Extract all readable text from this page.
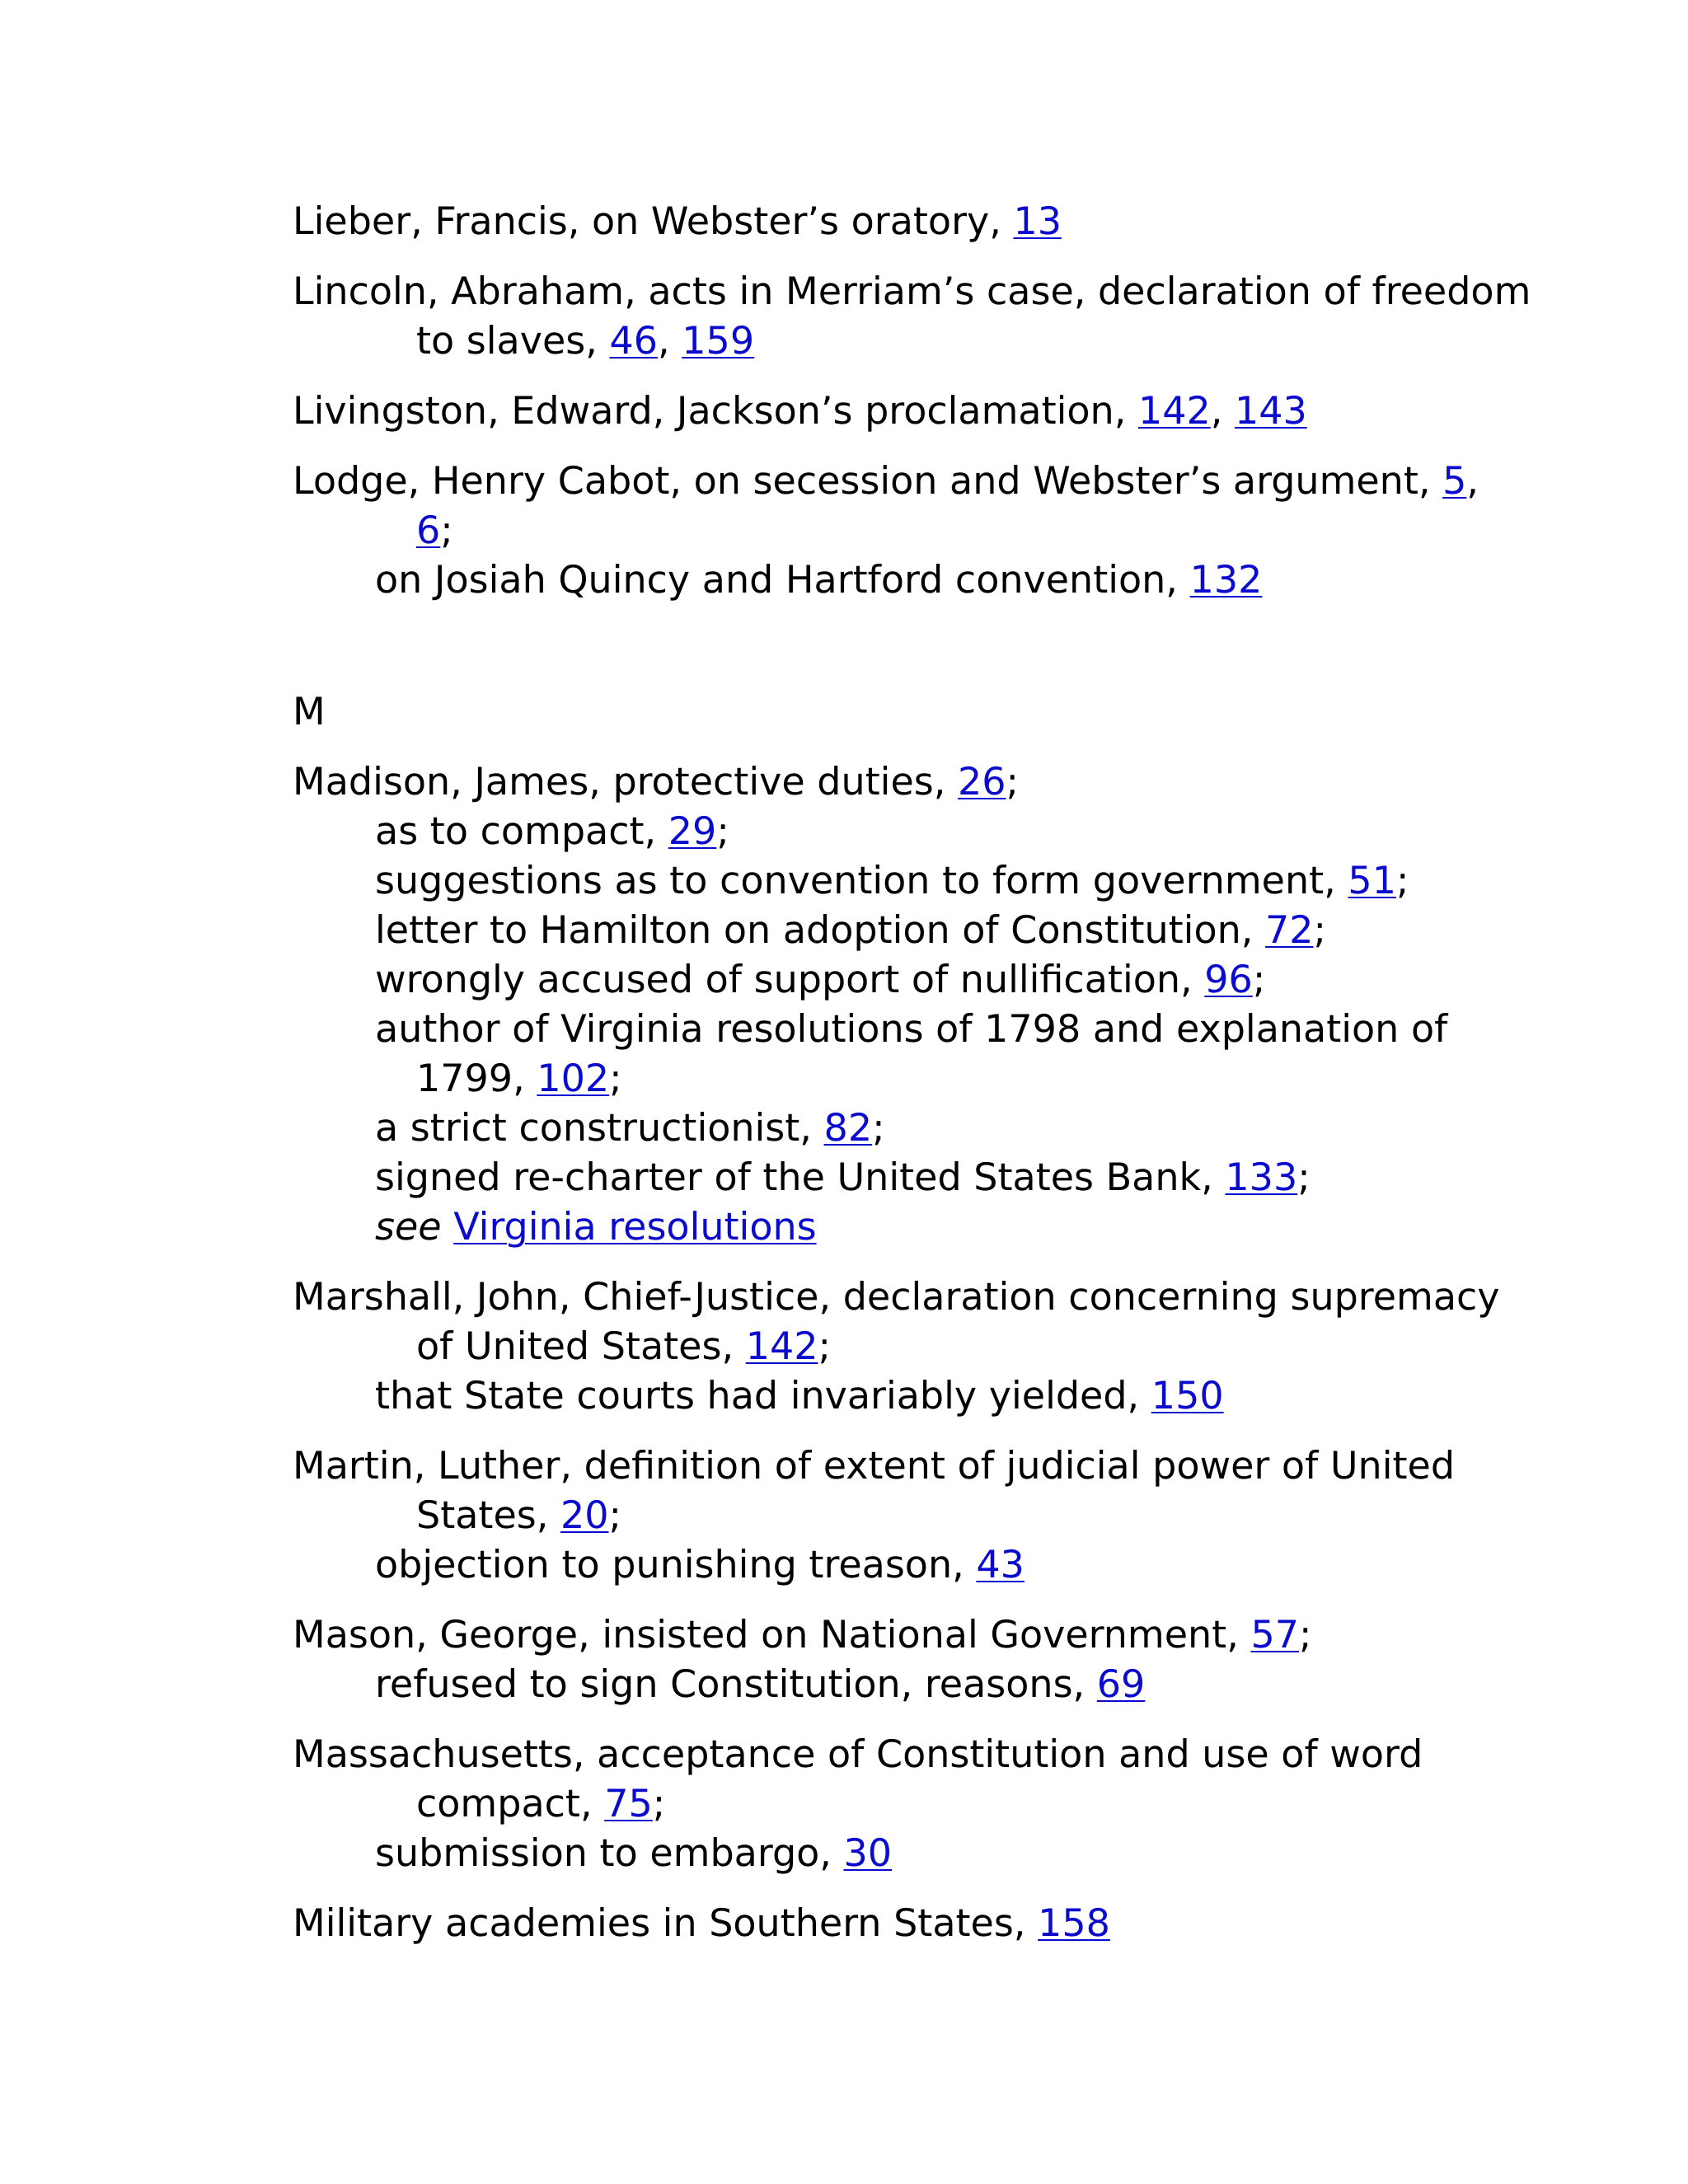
Lieber, Francis, on Webster’s oratory, 13
Lincoln, Abraham, acts in Merriam’s case, declaration of freedom
to slaves, 46, 159
Livingston, Edward, Jackson’s proclamation, 142, 143
Lodge, Henry Cabot, on secession and Webster’s argument, 5,
6;
on Josiah Quincy and Hartford convention, 132
M
Madison, James, protective duties, 26;
as to compact, 29;
suggestions as to convention to form government, 51;
letter to Hamilton on adoption of Constitution, 72;
wrongly accused of support of nullification, 96;
author of Virginia resolutions of 1798 and explanation of
1799, 102;
a strict constructionist, 82;
signed re-charter of the United States Bank, 133;
see Virginia resolutions
Marshall, John, Chief-Justice, declaration concerning supremacy
of United States, 142;
that State courts had invariably yielded, 150
Martin, Luther, definition of extent of judicial power of United
States, 20;
objection to punishing treason, 43
Mason, George, insisted on National Government, 57;
refused to sign Constitution, reasons, 69
Massachusetts, acceptance of Constitution and use of word
compact, 75;
submission to embargo, 30
Military academies in Southern States, 158
